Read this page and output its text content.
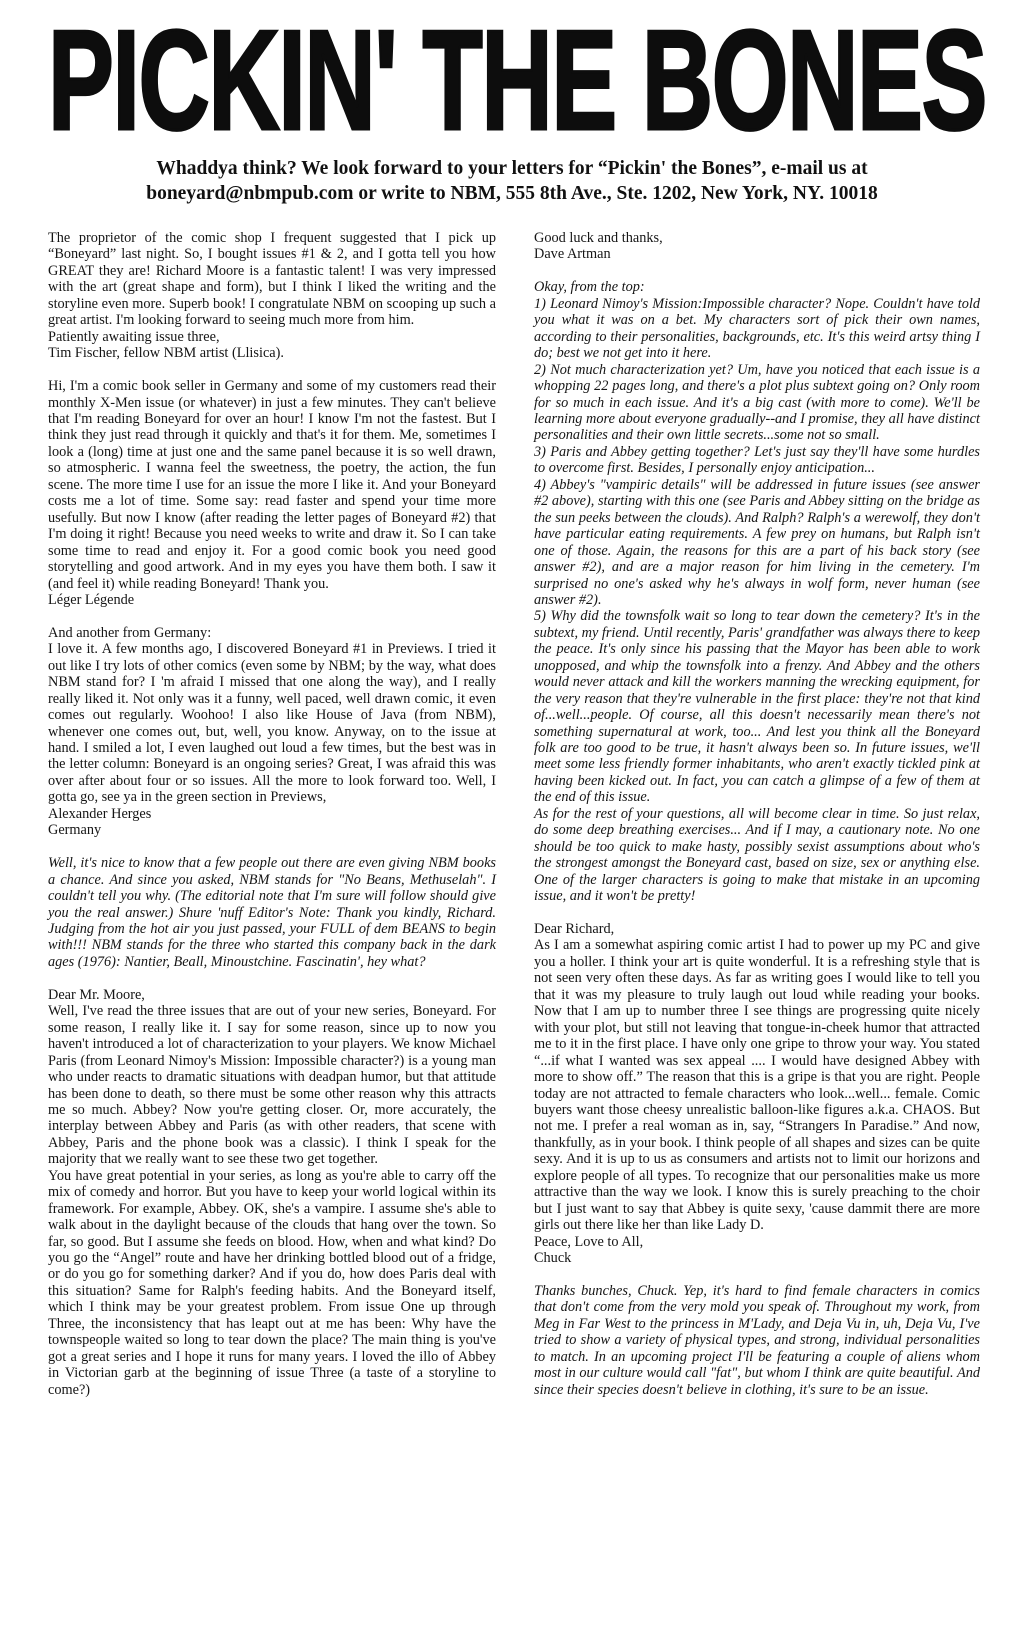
PICKIN' THE BONES
Whaddya think? We look forward to your letters for “Pickin' the Bones”, e-mail us at
boneyard@nbmpub.com or write to NBM, 555 8th Ave., Ste. 1202, New York, NY. 10018

The proprietor of the comic shop I frequent suggested that I pick up “Boneyard” last night. So, I bought issues #1 & 2, and I gotta tell you how GREAT they are! Richard Moore is a fantastic talent! I was very impressed with the art (great shape and form), but I think I liked the writing and the storyline even more. Superb book! I congratulate NBM on scooping up such a great artist. I'm looking forward to seeing much more from him.

Patiently awaiting issue three,

Tim Fischer, fellow NBM artist (Llisica).

Hi, I'm a comic book seller in Germany and some of my customers read their monthly X-Men issue (or whatever) in just a few minutes. They can't believe that I'm reading Boneyard for over an hour! I know I'm not the fastest. But I think they just read through it quickly and that's it for them. Me, sometimes I look a (long) time at just one and the same panel because it is so well drawn, so atmospheric. I wanna feel the sweetness, the poetry, the action, the fun scene. The more time I use for an issue the more I like it. And your Boneyard costs me a lot of time. Some say: read faster and spend your time more usefully. But now I know (after reading the letter pages of Boneyard #2) that I'm doing it right! Because you need weeks to write and draw it. So I can take some time to read and enjoy it. For a good comic book you need good storytelling and good artwork. And in my eyes you have them both. I saw it (and feel it) while reading Boneyard! Thank you.

Léger Légende

And another from Germany:

I love it. A few months ago, I discovered Boneyard #1 in Previews. I tried it out like I try lots of other comics (even some by NBM; by the way, what does NBM stand for? I 'm afraid I missed that one along the way), and I really really liked it. Not only was it a funny, well paced, well drawn comic, it even comes out regularly. Woohoo! I also like House of Java (from NBM), whenever one comes out, but, well, you know. Anyway, on to the issue at hand. I smiled a lot, I even laughed out loud a few times, but the best was in the letter column: Boneyard is an ongoing series? Great, I was afraid this was over after about four or so issues. All the more to look forward too. Well, I gotta go, see ya in the green section in Previews,

Alexander Herges

Germany

Well, it's nice to know that a few people out there are even giving NBM books a chance. And since you asked, NBM stands for "No Beans, Methuselah". I couldn't tell you why. (The editorial note that I'm sure will follow should give you the real answer.) Shure 'nuff Editor's Note: Thank you kindly, Richard. Judging from the hot air you just passed, your FULL of dem BEANS to begin with!!! NBM stands for the three who started this company back in the dark ages (1976): Nantier, Beall, Minoustchine. Fascinatin', hey what?

Dear Mr. Moore,

Well, I've read the three issues that are out of your new series, Boneyard. For some reason, I really like it. I say for some reason, since up to now you haven't introduced a lot of characterization to your players. We know Michael Paris (from Leonard Nimoy's Mission: Impossible character?) is a young man who under reacts to dramatic situations with deadpan humor, but that attitude has been done to death, so there must be some other reason why this attracts me so much. Abbey? Now you're getting closer. Or, more accurately, the interplay between Abbey and Paris (as with other readers, that scene with Abbey, Paris and the phone book was a classic). I think I speak for the majority that we really want to see these two get together.

You have great potential in your series, as long as you're able to carry off the mix of comedy and horror. But you have to keep your world logical within its framework. For example, Abbey. OK, she's a vampire. I assume she's able to walk about in the daylight because of the clouds that hang over the town. So far, so good. But I assume she feeds on blood. How, when and what kind? Do you go the “Angel” route and have her drinking bottled blood out of a fridge, or do you go for something darker? And if you do, how does Paris deal with this situation? Same for Ralph's feeding habits. And the Boneyard itself, which I think may be your greatest problem. From issue One up through Three, the inconsistency that has leapt out at me has been: Why have the townspeople waited so long to tear down the place? The main thing is you've got a great series and I hope it runs for many years. I loved the illo of Abbey in Victorian garb at the beginning of issue Three (a taste of a storyline to come?)

Good luck and thanks,

Dave Artman

Okay, from the top:

1) Leonard Nimoy's Mission:Impossible character? Nope. Couldn't have told you what it was on a bet. My characters sort of pick their own names, according to their personalities, backgrounds, etc. It's this weird artsy thing I do; best we not get into it here.

2) Not much characterization yet? Um, have you noticed that each issue is a whopping 22 pages long, and there's a plot plus subtext going on? Only room for so much in each issue. And it's a big cast (with more to come). We'll be learning more about everyone gradually--and I promise, they all have distinct personalities and their own little secrets...some not so small.

3) Paris and Abbey getting together? Let's just say they'll have some hurdles to overcome first. Besides, I personally enjoy anticipation...

4) Abbey's "vampiric details" will be addressed in future issues (see answer #2 above), starting with this one (see Paris and Abbey sitting on the bridge as the sun peeks between the clouds). And Ralph? Ralph's a werewolf, they don't have particular eating requirements. A few prey on humans, but Ralph isn't one of those. Again, the reasons for this are a part of his back story (see answer #2), and are a major reason for him living in the cemetery. I'm surprised no one's asked why he's always in wolf form, never human (see answer #2).

5) Why did the townsfolk wait so long to tear down the cemetery? It's in the subtext, my friend. Until recently, Paris' grandfather was always there to keep the peace. It's only since his passing that the Mayor has been able to work unopposed, and whip the townsfolk into a frenzy. And Abbey and the others would never attack and kill the workers manning the wrecking equipment, for the very reason that they're vulnerable in the first place: they're not that kind of...well...people. Of course, all this doesn't necessarily mean there's not something supernatural at work, too... And lest you think all the Boneyard folk are too good to be true, it hasn't always been so. In future issues, we'll meet some less friendly former inhabitants, who aren't exactly tickled pink at having been kicked out. In fact, you can catch a glimpse of a few of them at the end of this issue.

As for the rest of your questions, all will become clear in time. So just relax, do some deep breathing exercises... And if I may, a cautionary note. No one should be too quick to make hasty, possibly sexist assumptions about who's the strongest amongst the Boneyard cast, based on size, sex or anything else. One of the larger characters is going to make that mistake in an upcoming issue, and it won't be pretty!

Dear Richard,

As I am a somewhat aspiring comic artist I had to power up my PC and give you a holler. I think your art is quite wonderful. It is a refreshing style that is not seen very often these days. As far as writing goes I would like to tell you that it was my pleasure to truly laugh out loud while reading your books. Now that I am up to number three I see things are progressing quite nicely with your plot, but still not leaving that tongue-in-cheek humor that attracted me to it in the first place. I have only one gripe to throw your way. You stated “...if what I wanted was sex appeal .... I would have designed Abbey with more to show off.” The reason that this is a gripe is that you are right. People today are not attracted to female characters who look...well... female. Comic buyers want those cheesy unrealistic balloon-like figures a.k.a. CHAOS. But not me. I prefer a real woman as in, say, “Strangers In Paradise.” And now, thankfully, as in your book. I think people of all shapes and sizes can be quite sexy. And it is up to us as consumers and artists not to limit our horizons and explore people of all types. To recognize that our personalities make us more attractive than the way we look. I know this is surely preaching to the choir but I just want to say that Abbey is quite sexy, 'cause dammit there are more girls out there like her than like Lady D.

Peace, Love to All,

Chuck

Thanks bunches, Chuck. Yep, it's hard to find female characters in comics that don't come from the very mold you speak of. Throughout my work, from Meg in Far West to the princess in M'Lady, and Deja Vu in, uh, Deja Vu, I've tried to show a variety of physical types, and strong, individual personalities to match. In an upcoming project I'll be featuring a couple of aliens whom most in our culture would call "fat", but whom I think are quite beautiful. And since their species doesn't believe in clothing, it's sure to be an issue.
